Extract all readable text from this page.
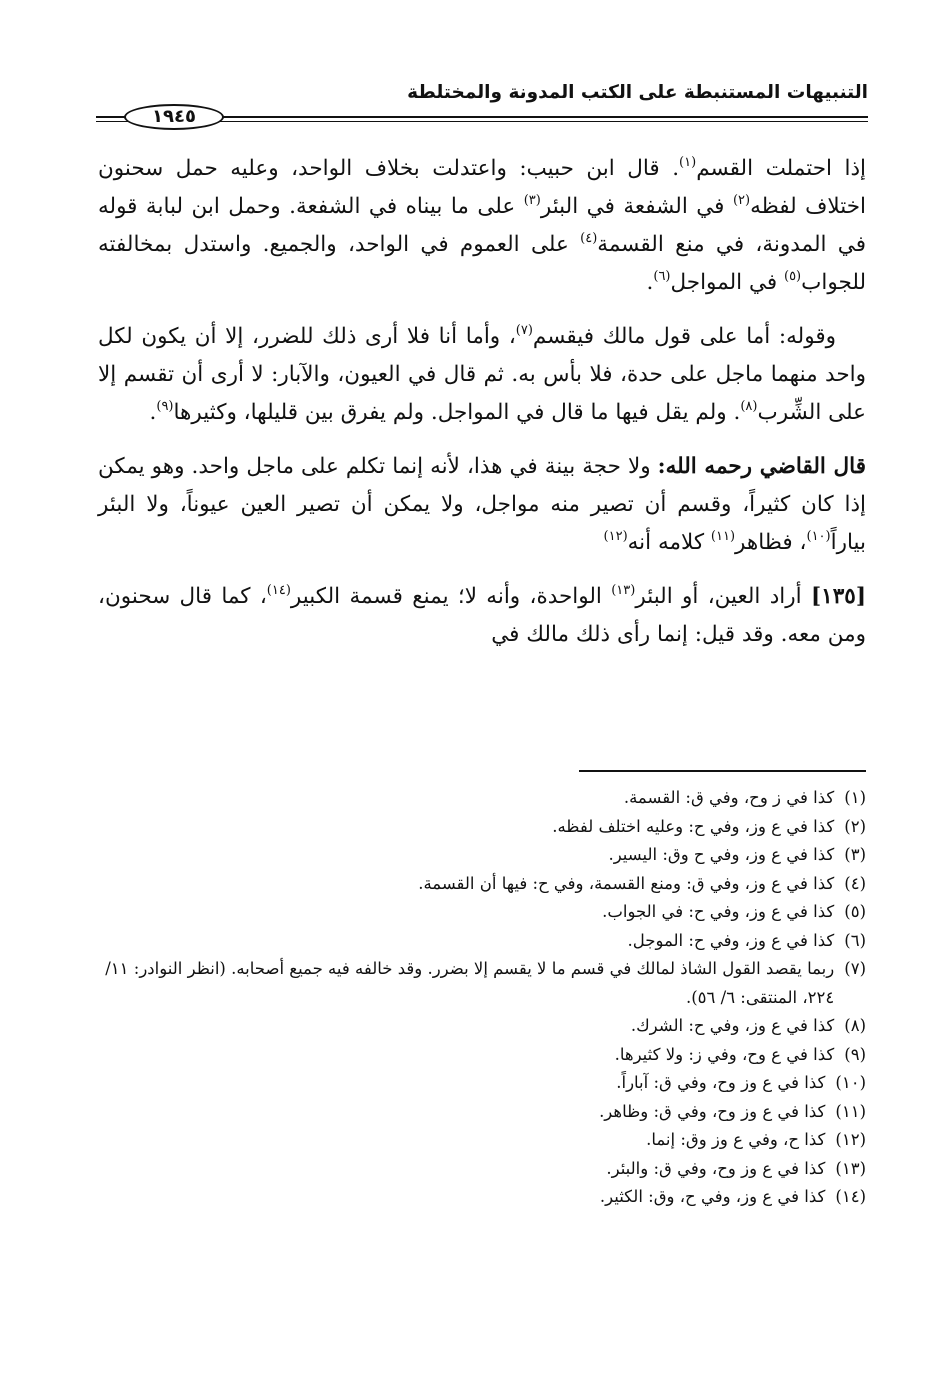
التنبيهات المستنبطة على الكتب المدونة والمختلطة
١٩٤٥

إذا احتملت القسم$^{(١)}$. قال ابن حبيب: واعتدلت بخلاف الواحد، وعليه حمل سحنون اختلاف لفظه$^{(٢)}$ في الشفعة في البئر$^{(٣)}$ على ما بيناه في الشفعة. وحمل ابن لبابة قوله في المدونة، في منع القسمة$^{(٤)}$ على العموم في الواحد، والجميع. واستدل بمخالفته للجواب$^{(٥)}$ في المواجل$^{(٦)}$.

وقوله: أما على قول مالك فيقسم$^{(٧)}$، وأما أنا فلا أرى ذلك للضرر، إلا أن يكون لكل واحد منهما ماجل على حدة، فلا بأس به. ثم قال في العيون، والآبار: لا أرى أن تقسم إلا على الشِّرب$^{(٨)}$. ولم يقل فيها ما قال في المواجل. ولم يفرق بين قليلها، وكثيرها$^{(٩)}$.

قال القاضي رحمه الله: ولا حجة بينة في هذا، لأنه إنما تكلم على ماجل واحد. وهو يمكن إذا كان كثيراً، وقسم أن تصير منه مواجل، ولا يمكن أن تصير العين عيوناً، ولا البئر بياراً$^{(١٠)}$، فظاهر$^{(١١)}$ كلامه أنه$^{(١٢)}$

[١٣٥] أراد العين، أو البئر$^{(١٣)}$ الواحدة، وأنه لا؛ يمنع قسمة الكبير$^{(١٤)}$، كما قال سحنون، ومن معه. وقد قيل: إنما رأى ذلك مالك في

(١)
كذا في ز وح، وفي ق: القسمة.
(٢)
كذا في ع وز، وفي ح: وعليه اختلف لفظه.
(٣)
كذا في ع وز، وفي ح وق: اليسير.
(٤)
كذا في ع وز، وفي ق: ومنع القسمة، وفي ح: فيها أن القسمة.
(٥)
كذا في ع وز، وفي ح: في الجواب.
(٦)
كذا في ع وز، وفي ح: الموجل.
(٧)
ربما يقصد القول الشاذ لمالك في قسم ما لا يقسم إلا بضرر. وقد خالفه فيه جميع أصحابه. (انظر النوادر: ١١/ ٢٢٤، المنتقى: ٦/ ٥٦).
(٨)
كذا في ع وز، وفي ح: الشرك.
(٩)
كذا في ع وح، وفي ز: ولا كثيرها.
(١٠)
كذا في ع وز وح، وفي ق: آباراً.
(١١)
كذا في ع وز وح، وفي ق: وظاهر.
(١٢)
كذا ح، وفي ع وز وق: إنما.
(١٣)
كذا في ع وز وح، وفي ق: والبئر.
(١٤)
كذا في ع وز، وفي ح، وق: الكثير.
